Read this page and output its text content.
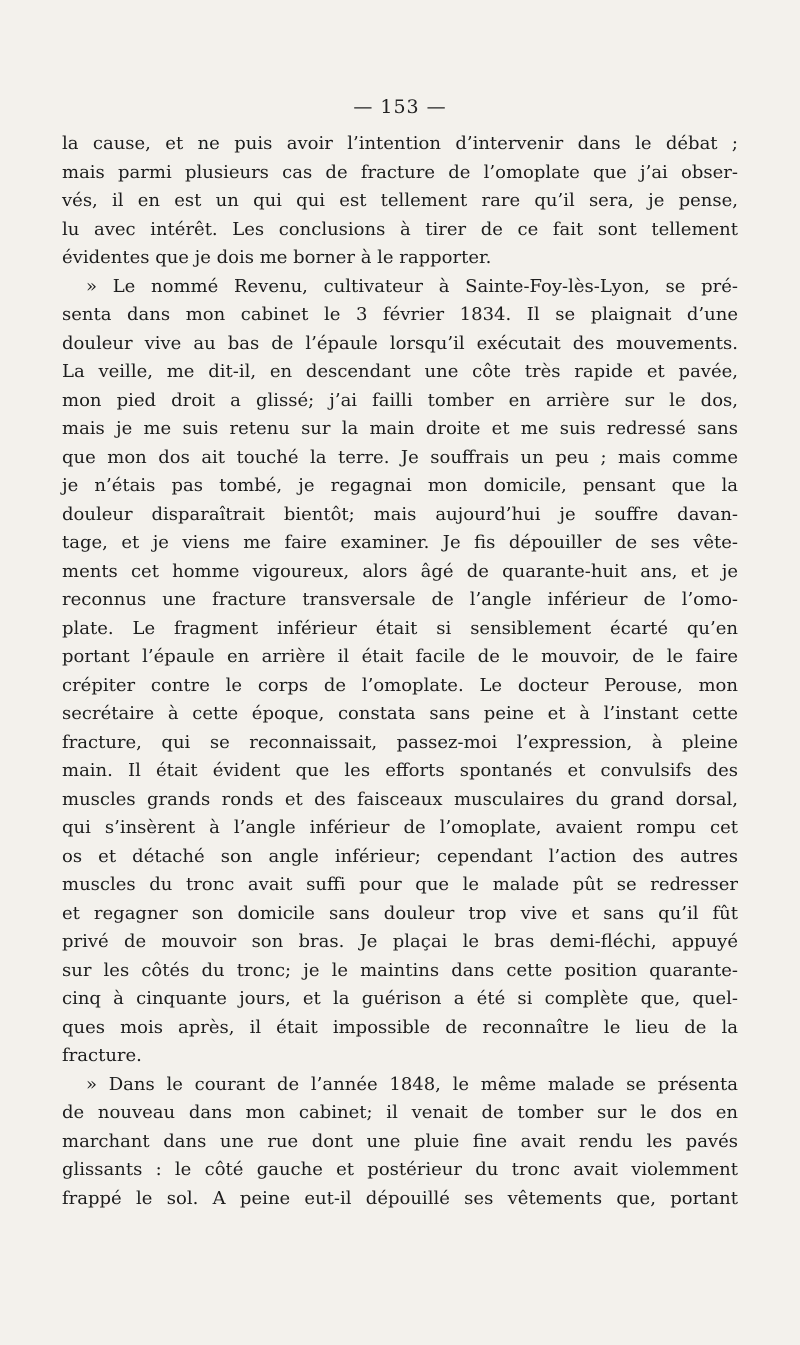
— 153 —
la cause, et ne puis avoir l’intention d’intervenir dans le débat ;
mais parmi plusieurs cas de fracture de l’omoplate que j’ai obser-
vés, il en est un qui qui est tellement rare qu’il sera, je pense,
lu avec intérêt. Les conclusions à tirer de ce fait sont tellement
évidentes que je dois me borner à le rapporter.
» Le nommé Revenu, cultivateur à Sainte-Foy-lès-Lyon, se pré-
senta dans mon cabinet le 3 février 1834. Il se plaignait d’une
douleur vive au bas de l’épaule lorsqu’il exécutait des mouvements.
La veille, me dit-il, en descendant une côte très rapide et pavée,
mon pied droit a glissé; j’ai failli tomber en arrière sur le dos,
mais je me suis retenu sur la main droite et me suis redressé sans
que mon dos ait touché la terre. Je souffrais un peu ; mais comme
je n’étais pas tombé, je regagnai mon domicile, pensant que la
douleur disparaîtrait bientôt; mais aujourd’hui je souffre davan-
tage, et je viens me faire examiner. Je fis dépouiller de ses vête-
ments cet homme vigoureux, alors âgé de quarante-huit ans, et je
reconnus une fracture transversale de l’angle inférieur de l’omo-
plate. Le fragment inférieur était si sensiblement écarté qu’en
portant l’épaule en arrière il était facile de le mouvoir, de le faire
crépiter contre le corps de l’omoplate. Le docteur Perouse, mon
secrétaire à cette époque, constata sans peine et à l’instant cette
fracture, qui se reconnaissait, passez-moi l’expression, à pleine
main. Il était évident que les efforts spontanés et convulsifs des
muscles grands ronds et des faisceaux musculaires du grand dorsal,
qui s’insèrent à l’angle inférieur de l’omoplate, avaient rompu cet
os et détaché son angle inférieur; cependant l’action des autres
muscles du tronc avait suffi pour que le malade pût se redresser
et regagner son domicile sans douleur trop vive et sans qu’il fût
privé de mouvoir son bras. Je plaçai le bras demi-fléchi, appuyé
sur les côtés du tronc; je le maintins dans cette position quarante-
cinq à cinquante jours, et la guérison a été si complète que, quel-
ques mois après, il était impossible de reconnaître le lieu de la
fracture.
» Dans le courant de l’année 1848, le même malade se présenta
de nouveau dans mon cabinet; il venait de tomber sur le dos en
marchant dans une rue dont une pluie fine avait rendu les pavés
glissants : le côté gauche et postérieur du tronc avait violemment
frappé le sol. A peine eut-il dépouillé ses vêtements que, portant
